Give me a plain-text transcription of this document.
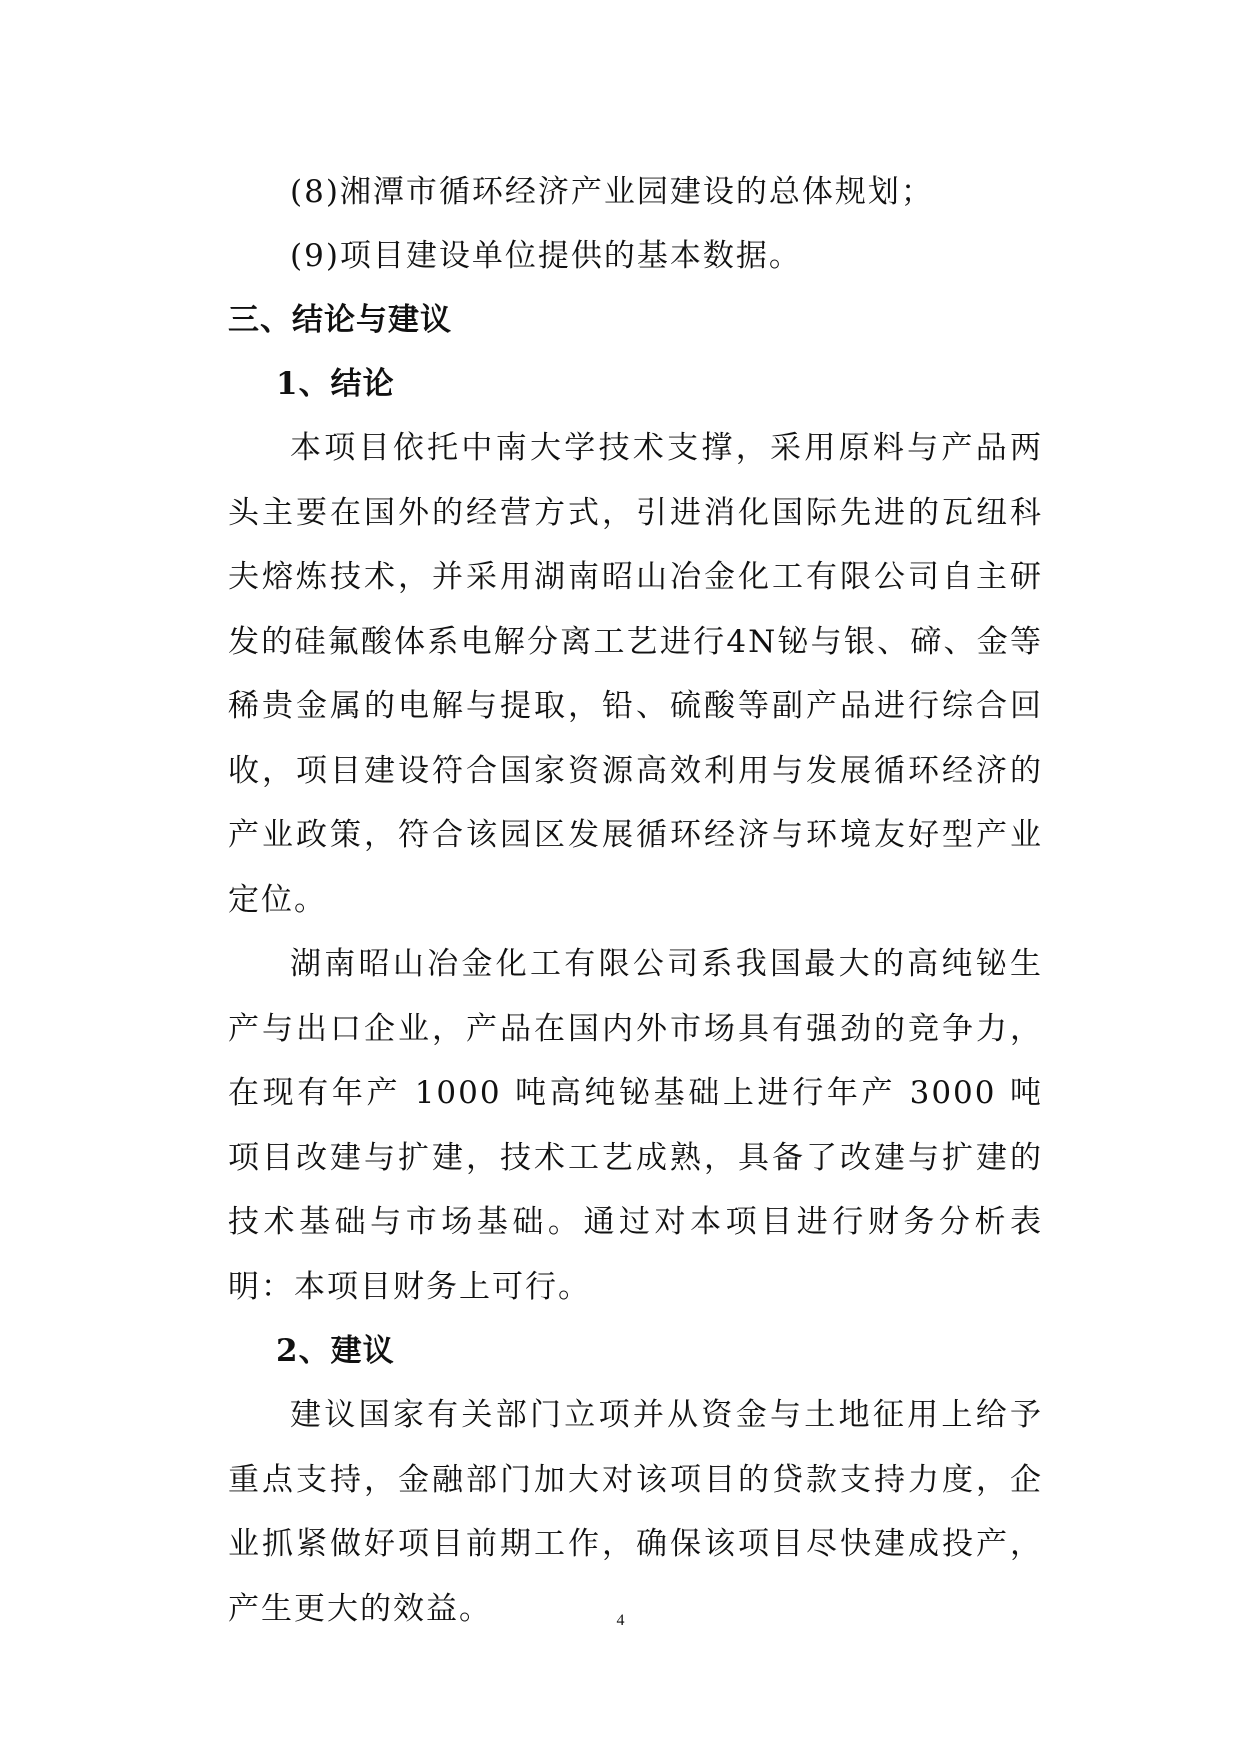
(8)湘潭市循环经济产业园建设的总体规划；
(9)项目建设单位提供的基本数据。
三、结论与建议
1、结论

本项目依托中南大学技术支撑，采用原料与产品两头主要在国外的经营方式，引进消化国际先进的瓦纽科夫熔炼技术，并采用湖南昭山冶金化工有限公司自主研发的硅氟酸体系电解分离工艺进行4N铋与银、碲、金等稀贵金属的电解与提取，铅、硫酸等副产品进行综合回收，项目建设符合国家资源高效利用与发展循环经济的产业政策，符合该园区发展循环经济与环境友好型产业定位。

湖南昭山冶金化工有限公司系我国最大的高纯铋生产与出口企业，产品在国内外市场具有强劲的竞争力，在现有年产 1000 吨高纯铋基础上进行年产 3000 吨项目改建与扩建，技术工艺成熟，具备了改建与扩建的技术基础与市场基础。通过对本项目进行财务分析表明：本项目财务上可行。

2、建议

建议国家有关部门立项并从资金与土地征用上给予重点支持，金融部门加大对该项目的贷款支持力度，企业抓紧做好项目前期工作，确保该项目尽快建成投产，产生更大的效益。	4
